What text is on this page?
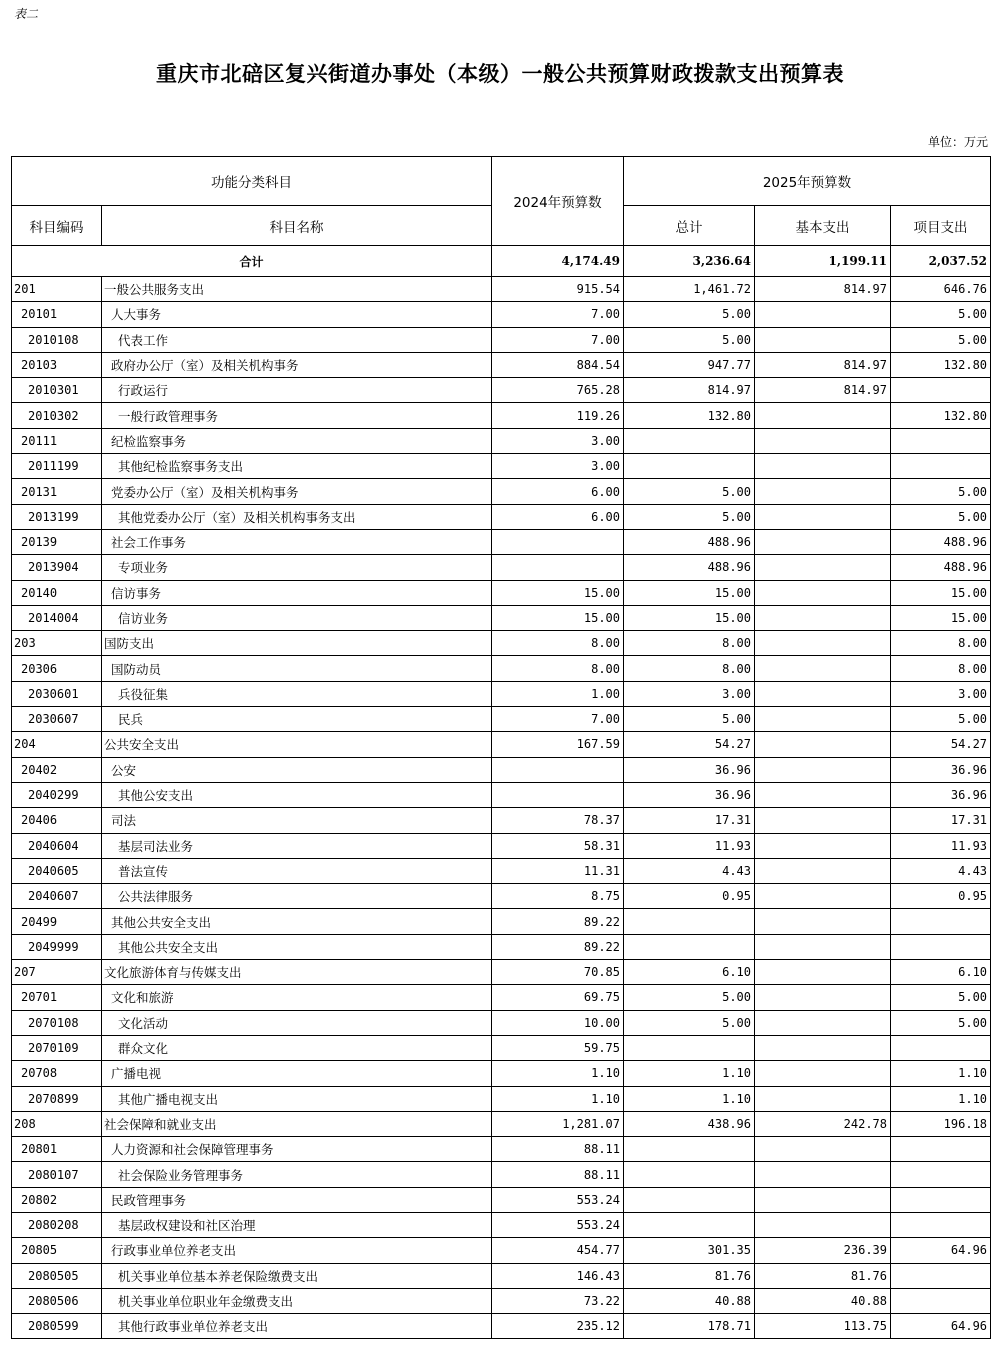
表二
重庆市北碚区复兴街道办事处（本级）一般公共预算财政拨款支出预算表
单位：万元
功能分类科目		2024年预算数	2025年预算数		
科目编码	科目名称		总计	基本支出	项目支出
合计		4,174.49	3,236.64	1,199.11	2,037.52
201	一般公共服务支出	915.54	1,461.72	814.97	646.76
20101	人大事务	7.00	5.00		5.00
2010108	代表工作	7.00	5.00		5.00
20103	政府办公厅（室）及相关机构事务	884.54	947.77	814.97	132.80
2010301	行政运行	765.28	814.97	814.97	
2010302	一般行政管理事务	119.26	132.80		132.80
20111	纪检监察事务	3.00			
2011199	其他纪检监察事务支出	3.00			
20131	党委办公厅（室）及相关机构事务	6.00	5.00		5.00
2013199	其他党委办公厅（室）及相关机构事务支出	6.00	5.00		5.00
20139	社会工作事务		488.96		488.96
2013904	专项业务		488.96		488.96
20140	信访事务	15.00	15.00		15.00
2014004	信访业务	15.00	15.00		15.00
203	国防支出	8.00	8.00		8.00
20306	国防动员	8.00	8.00		8.00
2030601	兵役征集	1.00	3.00		3.00
2030607	民兵	7.00	5.00		5.00
204	公共安全支出	167.59	54.27		54.27
20402	公安		36.96		36.96
2040299	其他公安支出		36.96		36.96
20406	司法	78.37	17.31		17.31
2040604	基层司法业务	58.31	11.93		11.93
2040605	普法宣传	11.31	4.43		4.43
2040607	公共法律服务	8.75	0.95		0.95
20499	其他公共安全支出	89.22			
2049999	其他公共安全支出	89.22			
207	文化旅游体育与传媒支出	70.85	6.10		6.10
20701	文化和旅游	69.75	5.00		5.00
2070108	文化活动	10.00	5.00		5.00
2070109	群众文化	59.75			
20708	广播电视	1.10	1.10		1.10
2070899	其他广播电视支出	1.10	1.10		1.10
208	社会保障和就业支出	1,281.07	438.96	242.78	196.18
20801	人力资源和社会保障管理事务	88.11			
2080107	社会保险业务管理事务	88.11			
20802	民政管理事务	553.24			
2080208	基层政权建设和社区治理	553.24			
20805	行政事业单位养老支出	454.77	301.35	236.39	64.96
2080505	机关事业单位基本养老保险缴费支出	146.43	81.76	81.76	
2080506	机关事业单位职业年金缴费支出	73.22	40.88	40.88	
2080599	其他行政事业单位养老支出	235.12	178.71	113.75	64.96
